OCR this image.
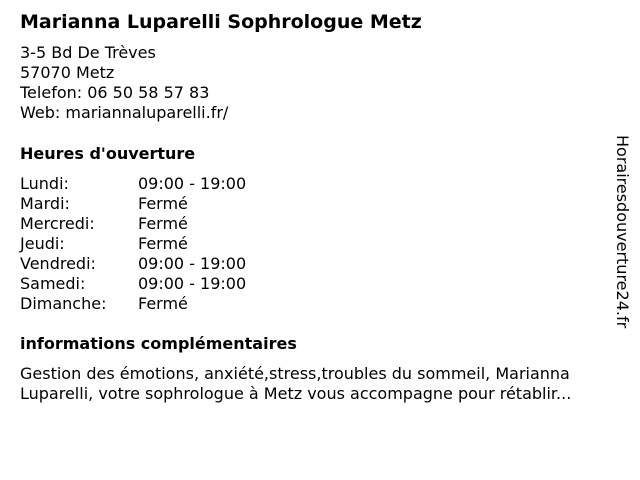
Marianna Luparelli Sophrologue Metz
3-5 Bd De Trèves
57070 Metz
Telefon: 06 50 58 57 83
Web: mariannaluparelli.fr/
Heures d'ouverture
Lundi:	09:00 - 19:00
Mardi:	Fermé
Mercredi:	Fermé
Jeudi:	Fermé
Vendredi:	09:00 - 19:00
Samedi:	09:00 - 19:00
Dimanche:	Fermé
informations complémentaires
Gestion des émotions, anxiété,stress,troubles du sommeil, Marianna Luparelli, votre sophrologue à Metz vous accompagne pour rétablir...
Horairesdouverture24.fr
